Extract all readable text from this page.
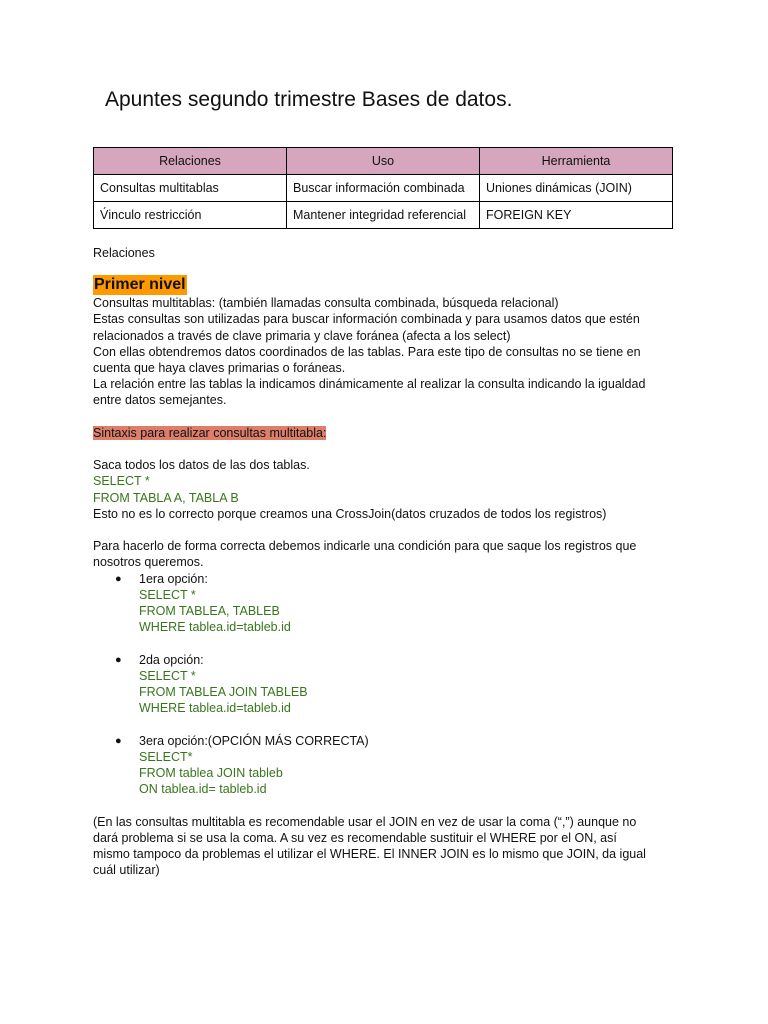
Apuntes segundo trimestre Bases de datos.
Relaciones	Uso	Herramienta
Consultas multitablas	Buscar información combinada	Uniones dinámicas (JOIN)
V́inculo restricción	Mantener integridad referencial	FOREIGN KEY

Relaciones

Primer nivel

Consultas multitablas: (también llamadas consulta combinada, búsqueda relacional)

Estas consultas son utilizadas para buscar información combinada y para usamos datos que estén

relacionados a través de clave primaria y clave foránea (afecta a los select)

Con ellas obtendremos datos coordinados de las tablas. Para este tipo de consultas no se tiene en

cuenta que haya claves primarias o foráneas.

La relación entre las tablas la indicamos dinámicamente al realizar la consulta indicando la igualdad

entre datos semejantes.

Sintaxis para realizar consultas multitabla:

Saca todos los datos de las dos tablas.

SELECT *

FROM TABLA A, TABLA B

Esto no es lo correcto porque creamos una CrossJoin(datos cruzados de todos los registros)

Para hacerlo de forma correcta debemos indicarle una condición para que saque los registros que

nosotros queremos.

● 1era opción:

SELECT *

FROM TABLEA, TABLEB

WHERE tablea.id=tableb.id

● 2da opción:

SELECT *

FROM TABLEA JOIN TABLEB

WHERE tablea.id=tableb.id

● 3era opción:(OPCIÓN MÁS CORRECTA)

SELECT*

FROM tablea JOIN tableb

ON tablea.id= tableb.id

(En las consultas multitabla es recomendable usar el JOIN en vez de usar la coma (“,”) aunque no

dará problema si se usa la coma. A su vez es recomendable sustituir el WHERE por el ON, así

mismo tampoco da problemas el utilizar el WHERE. El INNER JOIN es lo mismo que JOIN, da igual

cuál utilizar)
